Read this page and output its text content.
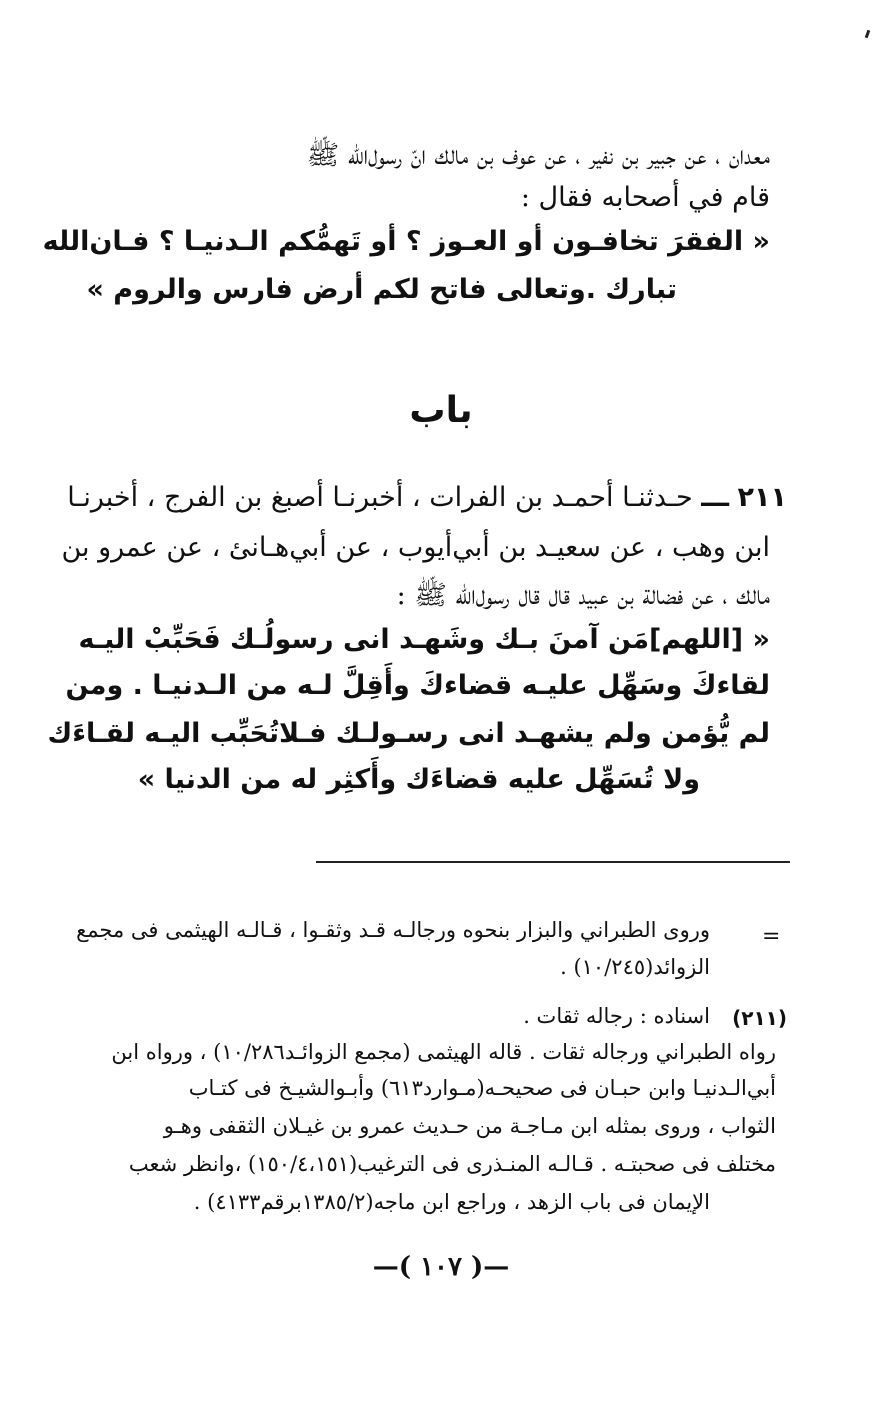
معدان ، عن جبير بن نفير ، عن عوف بن مالك انّ رسول‌الله ﷺ
قام في أصحابه فقال :
« الفقرَ تخافـون أو العـوز ؟ أو تَهمُّكم الـدنيـا ؟ فـان‌الله
تبارك .وتعالى فاتح لكم أرض فارس والروم »
باب
٢١١ ـــ حـدثنـا أحمـد بن الفرات ، أخبرنـا أصبغ بن الفرج ، أخبرنـا
ابن وهب ، عن سعيـد بن أبي‌أيوب ، عن أبي‌هـانئ ، عن عمرو بن
مالك ، عن فضالة بن عبيد قال قال رسول‌الله ﷺ :
« [اللهم]مَن آمنَ بـك وشَهـد انى رسولُـك فَحَبِّبْ اليـه
لقاءكَ وسَهِّل عليـه قضاءكَ وأَقِلَّ لـه من الـدنيـا . ومن
لم يُّؤمن ولم يشهـد انى رسـولـك فـلاتُحَبِّب اليـه لقـاءَك
ولا تُسَهِّل عليه قضاءَك وأَكثِر له من الدنيا »
=
وروى الطبراني والبزار بنحوه ورجالـه قـد وثقـوا ، قـالـه الهيثمى فى مجمع
الزوائد(١٠/٢٤٥) .
(٢١١)
اسناده : رجاله ثقات .
رواه الطبراني ورجاله ثقات . قاله الهيثمى (مجمع الزوائـد١٠/٢٨٦) ، ورواه ابن
أبي‌الـدنيـا وابن حبـان فى صحيحـه(مـوارد٦١٣) وأبـوالشيـخ فى كتـاب
الثواب ، وروى بمثله ابن مـاجـة من حـديث عمرو بن غيـلان الثقفى وهـو
مختلف فى صحبتـه . قـالـه المنـذرى فى الترغيب(١٥٠/٤،١٥١) ،وانظر شعب
الإيمان فى باب الزهد ، وراجع ابن ماجه(١٣٨٥/٢برقم٤١٣٣) .
—( ١٠٧ )—
